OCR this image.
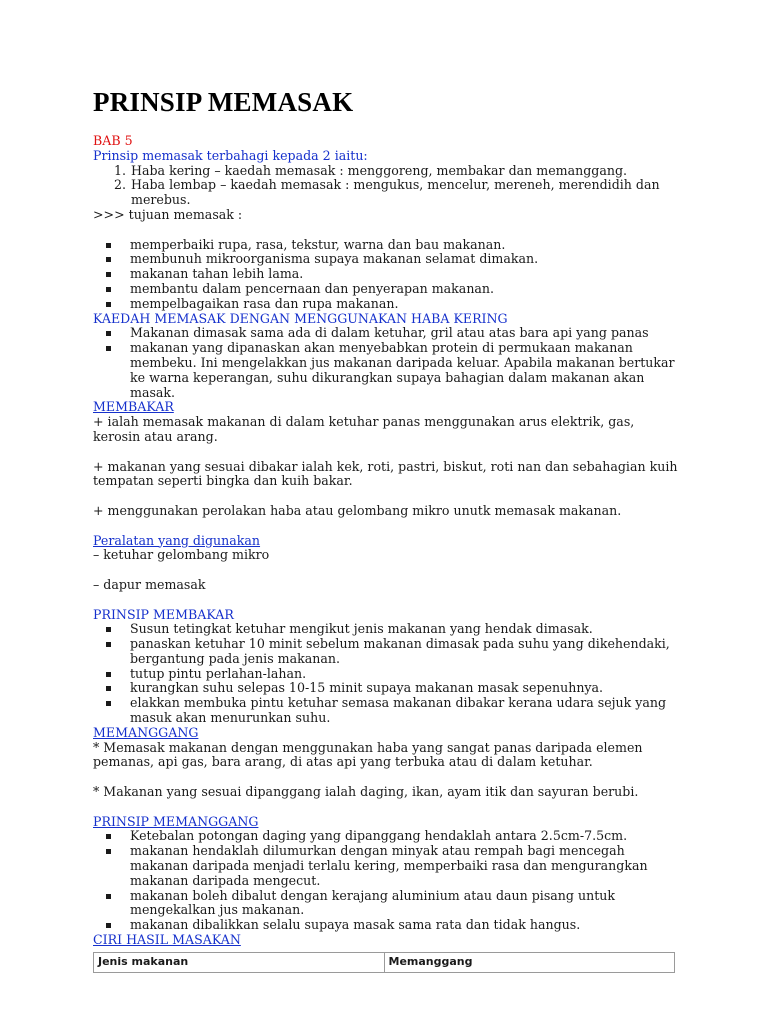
PRINSIP MEMASAK

BAB 5

Prinsip memasak terbahagi kepada 2 iaitu:

1. Haba kering – kaedah memasak : menggoreng, membakar dan memanggang.
2. Haba lembap – kaedah memasak : mengukus, mencelur, mereneh, merendidih dan merebus.

>>> tujuan memasak :

memperbaiki rupa, rasa, tekstur, warna dan bau makanan.
membunuh mikroorganisma supaya makanan selamat dimakan.
makanan tahan lebih lama.
membantu dalam pencernaan dan penyerapan makanan.
mempelbagaikan rasa dan rupa makanan.

KAEDAH MEMASAK DENGAN MENGGUNAKAN HABA KERING

Makanan dimasak sama ada di dalam ketuhar, gril atau atas bara api yang panas
makanan yang dipanaskan akan menyebabkan protein di permukaan makanan membeku. Ini mengelakkan jus makanan daripada keluar. Apabila makanan bertukar ke warna keperangan, suhu dikurangkan supaya bahagian dalam makanan akan masak.

MEMBAKAR

+ ialah memasak makanan di dalam ketuhar panas menggunakan arus elektrik, gas, kerosin atau arang.

+ makanan yang sesuai dibakar ialah kek, roti, pastri, biskut, roti nan dan sebahagian kuih tempatan seperti bingka dan kuih bakar.

+ menggunakan perolakan haba atau gelombang mikro unutk memasak makanan.

Peralatan yang digunakan

– ketuhar gelombang mikro

– dapur memasak

PRINSIP MEMBAKAR

Susun tetingkat ketuhar mengikut jenis makanan yang hendak dimasak.
panaskan ketuhar 10 minit sebelum makanan dimasak pada suhu yang dikehendaki, bergantung pada jenis makanan.
tutup pintu perlahan-lahan.
kurangkan suhu selepas 10-15 minit supaya makanan masak sepenuhnya.
elakkan membuka pintu ketuhar semasa makanan dibakar kerana udara sejuk yang masuk akan menurunkan suhu.

MEMANGGANG

* Memasak makanan dengan menggunakan haba yang sangat panas daripada elemen pemanas, api gas, bara arang, di atas api yang terbuka atau di dalam ketuhar.

* Makanan yang sesuai dipanggang ialah daging, ikan, ayam itik dan sayuran berubi.

PRINSIP MEMANGGANG

Ketebalan potongan daging yang dipanggang hendaklah antara 2.5cm-7.5cm.
makanan hendaklah dilumurkan dengan minyak atau rempah bagi mencegah makanan daripada menjadi terlalu kering, memperbaiki rasa dan mengurangkan makanan daripada mengecut.
makanan boleh dibalut dengan kerajang aluminium atau daun pisang untuk mengekalkan jus makanan.
makanan dibalikkan selalu supaya masak sama rata dan tidak hangus.

CIRI HASIL MASAKAN

Jenis makanan	Memanggang
